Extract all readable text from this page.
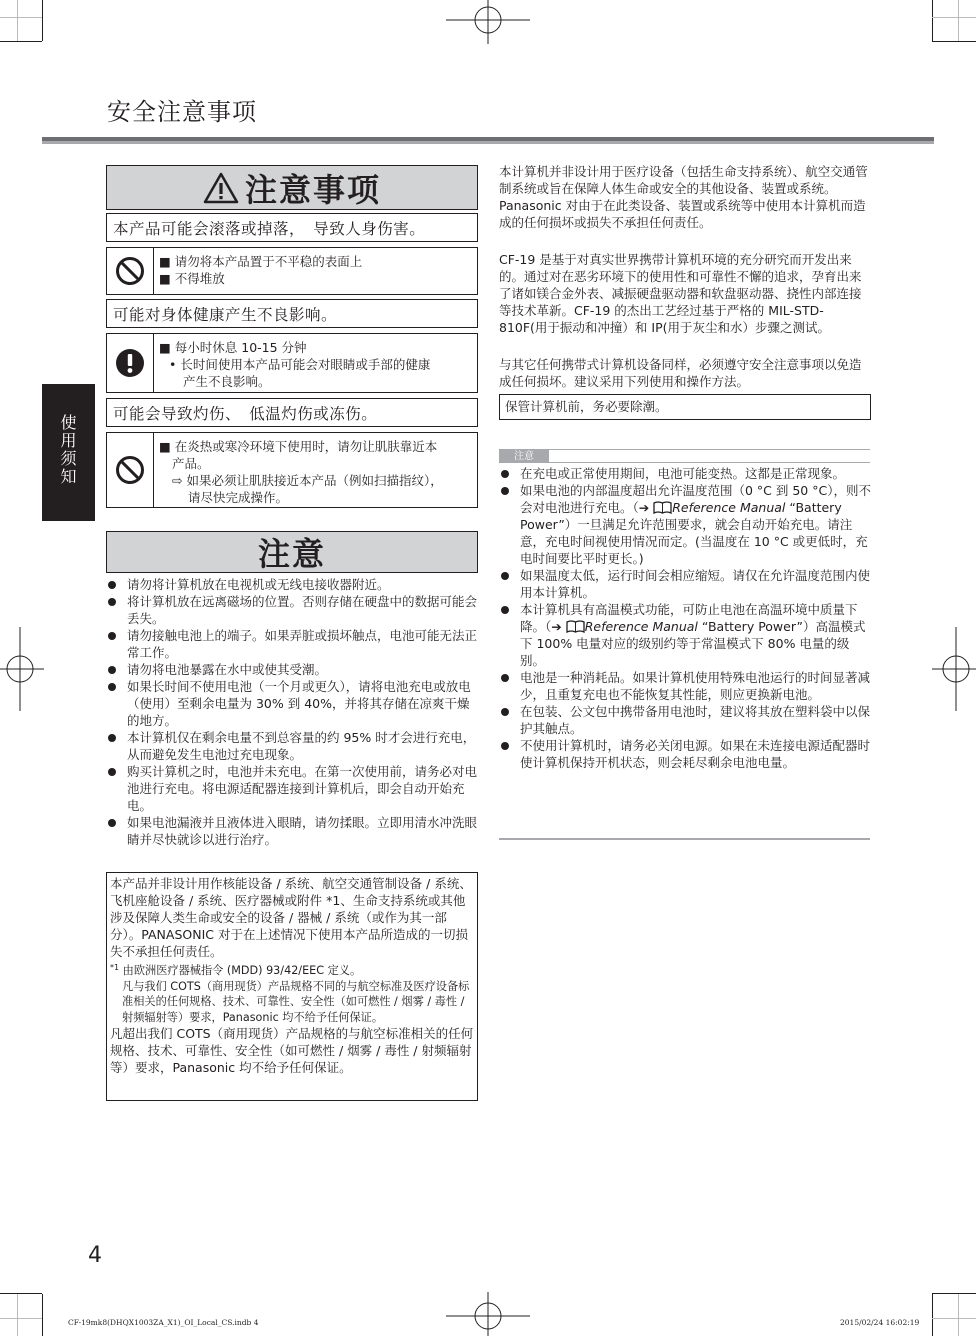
安全注意事项
使
用
须
知
注意事项
本产品可能会滚落或掉落，　导致人身伤害。

■ 请勿将本产品置于不平稳的表面上

■ 不得堆放

可能对身体健康产生不良影响。

■ 每小时休息 10-15 分钟

• 长时间使用本产品可能会对眼睛或手部的健康

产生不良影响。

可能会导致灼伤、　低温灼伤或冻伤。

■ 在炎热或寒冷环境下使用时，请勿让肌肤靠近本

产品。

⇨ 如果必须让肌肤接近本产品（例如扫描指纹），

请尽快完成操作。

注意
请勿将计算机放在电视机或无线电接收器附近。
将计算机放在远离磁场的位置。否则存储在硬盘中的数据可能会丢失。
请勿接触电池上的端子。如果弄脏或损坏触点，电池可能无法正常工作。
请勿将电池暴露在水中或使其受潮。
如果长时间不使用电池（一个月或更久），请将电池充电或放电（使用）至剩余电量为 30% 到 40%，并将其存储在凉爽干燥的地方。
本计算机仅在剩余电量不到总容量的约 95% 时才会进行充电，从而避免发生电池过充电现象。
购买计算机之时，电池并未充电。在第一次使用前，请务必对电池进行充电。将电源适配器连接到计算机后，即会自动开始充电。
如果电池漏液并且液体进入眼睛，请勿揉眼。立即用清水冲洗眼睛并尽快就诊以进行治疗。
本产品并非设计用作核能设备 / 系统、航空交通管制设备 / 系统、飞机座舱设备 / 系统、医疗器械或附件 *1、生命支持系统或其他涉及保障人类生命或安全的设备 / 器械 / 系统（或作为其一部分）。PANASONIC 对于在上述情况下使用本产品所造成的一切损失不承担任何责任。
$^{*1}$ 由欧洲医疗器械指令 (MDD) 93/42/EEC 定义。
凡与我们 COTS（商用现货）产品规格不同的与航空标准及医疗设备标准相关的任何规格、技术、可靠性、安全性（如可燃性 / 烟雾 / 毒性 / 射频辐射等）要求，Panasonic 均不给予任何保证。
凡超出我们 COTS（商用现货）产品规格的与航空标准相关的任何规格、技术、可靠性、安全性（如可燃性 / 烟雾 / 毒性 / 射频辐射等）要求，Panasonic 均不给予任何保证。
本计算机并非设计用于医疗设备（包括生命支持系统）、航空交通管制系统或旨在保障人体生命或安全的其他设备、装置或系统。Panasonic 对由于在此类设备、装置或系统等中使用本计算机而造成的任何损坏或损失不承担任何责任。
CF-19 是基于对真实世界携带计算机环境的充分研究而开发出来的。通过对在恶劣环境下的使用性和可靠性不懈的追求，孕育出来了诸如镁合金外表、减振硬盘驱动器和软盘驱动器、挠性内部连接等技术革新。CF-19 的杰出工艺经过基于严格的 MIL-STD-810F(用于振动和冲撞）和 IP(用于灰尘和水）步骤之测试。
与其它任何携带式计算机设备同样，必须遵守安全注意事项以免造成任何损坏。建议采用下列使用和操作方法。
保管计算机前，务必要除潮。
注意
在充电或正常使用期间，电池可能变热。这都是正常现象。
如果电池的内部温度超出允许温度范围（0 °C 到 50 °C），则不会对电池进行充电。（➔ Reference Manual “Battery Power”）一旦满足允许范围要求，就会自动开始充电。请注意，充电时间视使用情况而定。(当温度在 10 °C 或更低时，充电时间要比平时更长。)
如果温度太低，运行时间会相应缩短。请仅在允许温度范围内使用本计算机。
本计算机具有高温模式功能，可防止电池在高温环境中质量下降。（➔ Reference Manual “Battery Power”）高温模式下 100% 电量对应的级别约等于常温模式下 80% 电量的级别。
电池是一种消耗品。如果计算机使用特殊电池运行的时间显著减少，且重复充电也不能恢复其性能，则应更换新电池。
在包装、公文包中携带备用电池时，建议将其放在塑料袋中以保护其触点。
不使用计算机时，请务必关闭电源。如果在未连接电源适配器时使计算机保持开机状态，则会耗尽剩余电池电量。
4
CF-19mk8(DHQX1003ZA_X1)_OI_Local_CS.indb 4	2015/02/24 16:02:19
